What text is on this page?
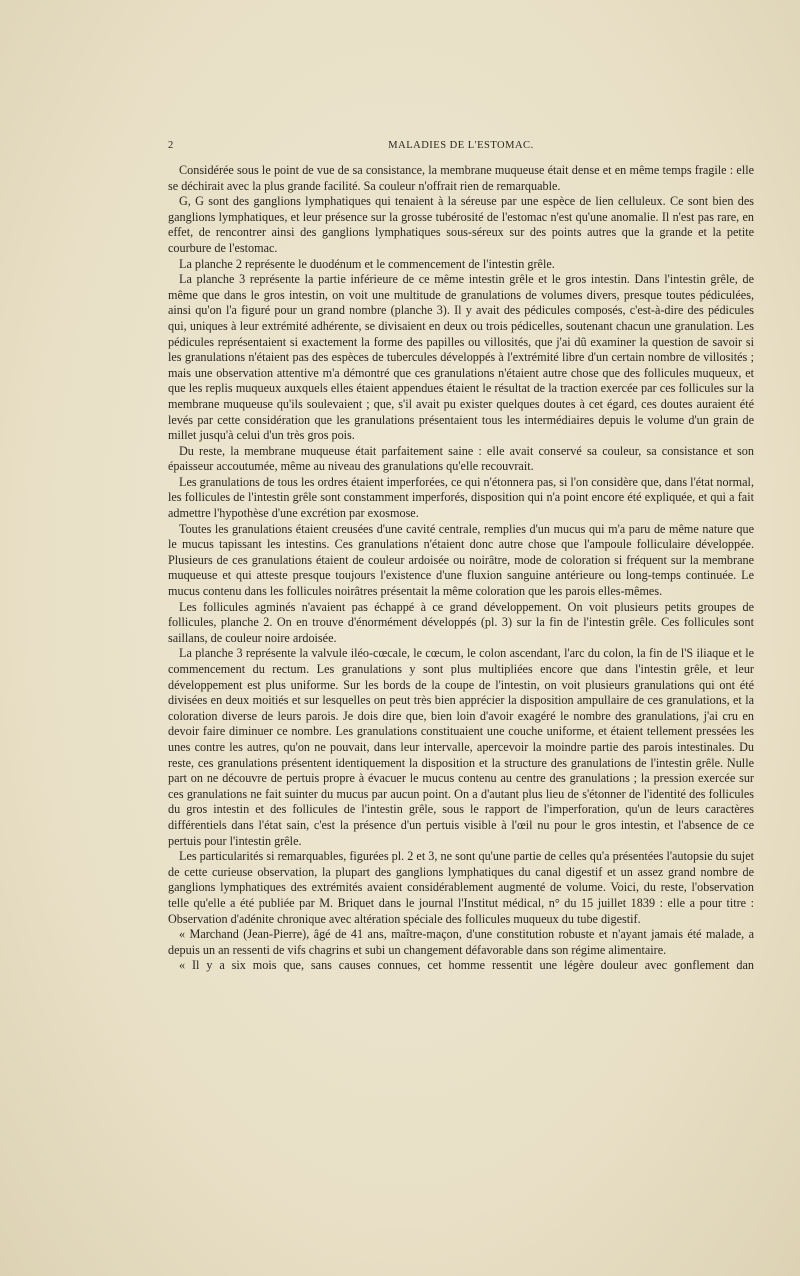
2	MALADIES DE L'ESTOMAC.

Considérée sous le point de vue de sa consistance, la membrane muqueuse était dense et en même temps fragile : elle se déchirait avec la plus grande facilité. Sa couleur n'offrait rien de remarquable.

G, G sont des ganglions lymphatiques qui tenaient à la séreuse par une espèce de lien celluleux. Ce sont bien des ganglions lymphatiques, et leur présence sur la grosse tubérosité de l'estomac n'est qu'une anomalie. Il n'est pas rare, en effet, de rencontrer ainsi des ganglions lymphatiques sous-séreux sur des points autres que la grande et la petite courbure de l'estomac.

La planche 2 représente le duodénum et le commencement de l'intestin grêle.

La planche 3 représente la partie inférieure de ce même intestin grêle et le gros intestin. Dans l'intestin grêle, de même que dans le gros intestin, on voit une multitude de granulations de volumes divers, presque toutes pédiculées, ainsi qu'on l'a figuré pour un grand nombre (planche 3). Il y avait des pédicules composés, c'est-à-dire des pédicules qui, uniques à leur extrémité adhérente, se divisaient en deux ou trois pédicelles, soutenant chacun une granulation. Les pédicules représentaient si exactement la forme des papilles ou villosités, que j'ai dû examiner la question de savoir si les granulations n'étaient pas des espèces de tubercules développés à l'extrémité libre d'un certain nombre de villosités ; mais une observation attentive m'a démontré que ces granulations n'étaient autre chose que des follicules muqueux, et que les replis muqueux auxquels elles étaient appendues étaient le résultat de la traction exercée par ces follicules sur la membrane muqueuse qu'ils soulevaient ; que, s'il avait pu exister quelques doutes à cet égard, ces doutes auraient été levés par cette considération que les granulations présentaient tous les intermédiaires depuis le volume d'un grain de millet jusqu'à celui d'un très gros pois.

Du reste, la membrane muqueuse était parfaitement saine : elle avait conservé sa couleur, sa consistance et son épaisseur accoutumée, même au niveau des granulations qu'elle recouvrait.

Les granulations de tous les ordres étaient imperforées, ce qui n'étonnera pas, si l'on considère que, dans l'état normal, les follicules de l'intestin grêle sont constamment imperforés, disposition qui n'a point encore été expliquée, et qui a fait admettre l'hypothèse d'une excrétion par exosmose.

Toutes les granulations étaient creusées d'une cavité centrale, remplies d'un mucus qui m'a paru de même nature que le mucus tapissant les intestins. Ces granulations n'étaient donc autre chose que l'ampoule folliculaire développée. Plusieurs de ces granulations étaient de couleur ardoisée ou noirâtre, mode de coloration si fréquent sur la membrane muqueuse et qui atteste presque toujours l'existence d'une fluxion sanguine antérieure ou long-temps continuée. Le mucus contenu dans les follicules noirâtres présentait la même coloration que les parois elles-mêmes.

Les follicules agminés n'avaient pas échappé à ce grand développement. On voit plusieurs petits groupes de follicules, planche 2. On en trouve d'énormément développés (pl. 3) sur la fin de l'intestin grêle. Ces follicules sont saillans, de couleur noire ardoisée.

La planche 3 représente la valvule iléo-cœcale, le cœcum, le colon ascendant, l'arc du colon, la fin de l'S iliaque et le commencement du rectum. Les granulations y sont plus multipliées encore que dans l'intestin grêle, et leur développement est plus uniforme. Sur les bords de la coupe de l'intestin, on voit plusieurs granulations qui ont été divisées en deux moitiés et sur lesquelles on peut très bien apprécier la disposition ampullaire de ces granulations, et la coloration diverse de leurs parois. Je dois dire que, bien loin d'avoir exagéré le nombre des granulations, j'ai cru en devoir faire diminuer ce nombre. Les granulations constituaient une couche uniforme, et étaient tellement pressées les unes contre les autres, qu'on ne pouvait, dans leur intervalle, apercevoir la moindre partie des parois intestinales. Du reste, ces granulations présentent identiquement la disposition et la structure des granulations de l'intestin grêle. Nulle part on ne découvre de pertuis propre à évacuer le mucus contenu au centre des granulations ; la pression exercée sur ces granulations ne fait suinter du mucus par aucun point. On a d'autant plus lieu de s'étonner de l'identité des follicules du gros intestin et des follicules de l'intestin grêle, sous le rapport de l'imperforation, qu'un de leurs caractères différentiels dans l'état sain, c'est la présence d'un pertuis visible à l'œil nu pour le gros intestin, et l'absence de ce pertuis pour l'intestin grêle.

Les particularités si remarquables, figurées pl. 2 et 3, ne sont qu'une partie de celles qu'a présentées l'autopsie du sujet de cette curieuse observation, la plupart des ganglions lymphatiques du canal digestif et un assez grand nombre de ganglions lymphatiques des extrémités avaient considérablement augmenté de volume. Voici, du reste, l'observation telle qu'elle a été publiée par M. Briquet dans le journal l'Institut médical, n° du 15 juillet 1839 : elle a pour titre : Observation d'adénite chronique avec altération spéciale des follicules muqueux du tube digestif.

« Marchand (Jean-Pierre), âgé de 41 ans, maître-maçon, d'une constitution robuste et n'ayant jamais été malade, a depuis un an ressenti de vifs chagrins et subi un changement défavorable dans son régime alimentaire.

« Il y a six mois que, sans causes connues, cet homme ressentit une légère douleur avec gonflement dan
